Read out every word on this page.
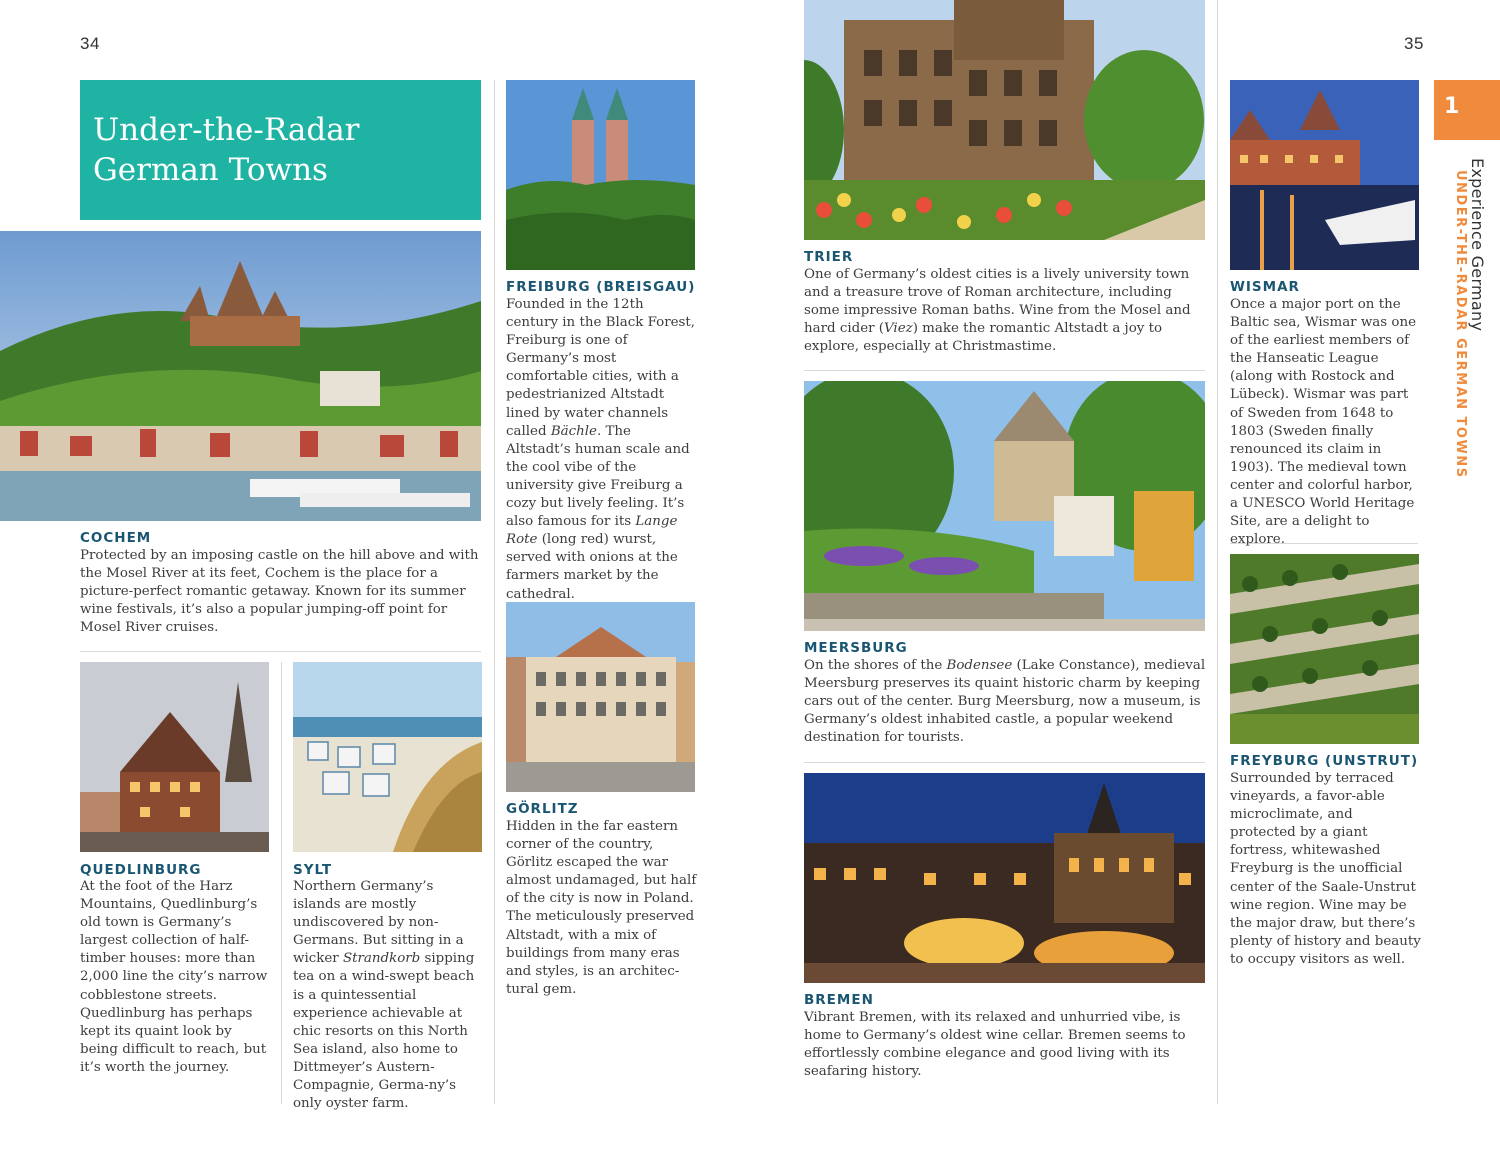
34	35
Under-the-Radar
German Towns
COCHEM
Protected by an imposing castle on the hill above and with the Mosel River at its feet, Cochem is the place for a picture-perfect romantic getaway. Known for its summer wine festivals, it’s also a popular jumping-off point for Mosel River cruises.
QUEDLINBURG
At the foot of the Harz Mountains, Quedlinburg’s old town is Germany’s largest collection of half-timber houses: more than 2,000 line the city’s narrow cobblestone streets. Quedlinburg has perhaps kept its quaint look by being difficult to reach, but it’s worth the journey.
SYLT
Northern Germany’s islands are mostly undiscovered by non-Germans. But sitting in a wicker Strandkorb sipping tea on a wind-swept beach is a quintessential experience achievable at chic resorts on this North Sea island, also home to Dittmeyer’s Austern-Compagnie, Germa-ny’s only oyster farm.
FREIBURG (BREISGAU)
Founded in the 12th century in the Black Forest, Freiburg is one of Germany’s most comfortable cities, with a pedestrianized Altstadt lined by water channels called Bächle. The Altstadt’s human scale and the cool vibe of the university give Freiburg a cozy but lively feeling. It’s also famous for its Lange Rote (long red) wurst, served with onions at the farmers market by the cathedral.
GÖRLITZ
Hidden in the far eastern corner of the country, Görlitz escaped the war almost undamaged, but half of the city is now in Poland. The meticulously preserved Altstadt, with a mix of buildings from many eras and styles, is an architec-tural gem.
TRIER
One of Germany’s oldest cities is a lively university town and a treasure trove of Roman architecture, including some impressive Roman baths. Wine from the Mosel and hard cider (Viez) make the romantic Altstadt a joy to explore, especially at Christmastime.
MEERSBURG
On the shores of the Bodensee (Lake Constance), medieval Meersburg preserves its quaint historic charm by keeping cars out of the center. Burg Meersburg, now a museum, is Germany’s oldest inhabited castle, a popular weekend destination for tourists.
BREMEN
Vibrant Bremen, with its relaxed and unhurried vibe, is home to Germany’s oldest wine cellar. Bremen seems to effortlessly combine elegance and good living with its seafaring history.
WISMAR
Once a major port on the Baltic sea, Wismar was one of the earliest members of the Hanseatic League (along with Rostock and Lübeck). Wismar was part of Sweden from 1648 to 1803 (Sweden finally renounced its claim in 1903). The medieval town center and colorful harbor, a UNESCO World Heritage Site, are a delight to explore.
FREYBURG (UNSTRUT)
Surrounded by terraced vineyards, a favor-able microclimate, and protected by a giant fortress, whitewashed Freyburg is the unofficial center of the Saale-Unstrut wine region. Wine may be the major draw, but there’s plenty of history and beauty to occupy visitors as well.
1
Experience Germany
UNDER-THE-RADAR GERMAN TOWNS
